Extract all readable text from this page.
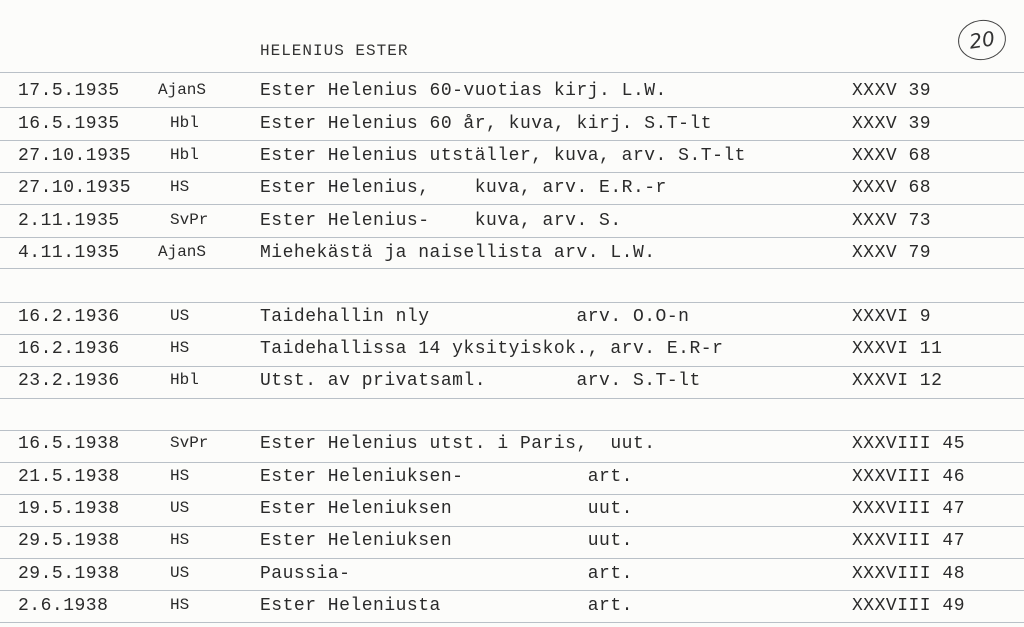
HELENIUS ESTER	20
17.5.1935 AjanS	Ester Helenius 60-vuotias kirj. L.W.	XXXV 39
16.5.1935	Hbl	Ester Helenius 60 år, kuva, kirj. S.T-lt	XXXV 39
27.10.1935 Hbl	Ester Helenius utställer, kuva, arv. S.T-lt	XXXV 68
27.10.1935 HS	Ester Helenius,    kuva, arv. E.R.-r	XXXV 68
2.11.1935	SvPr	Ester Helenius-    kuva, arv. S.	XXXV 73
4.11.1935 AjanS	Miehekästä ja naisellista arv. L.W.	XXXV 79
16.2.1936	US	Taidehallin nly             arv. O.O-n	XXXVI 9
16.2.1936	HS	Taidehallissa 14 yksityiskok., arv. E.R-r	XXXVI 11
23.2.1936	Hbl	Utst. av privatsaml.        arv. S.T-lt	XXXVI 12
16.5.1938	SvPr	Ester Helenius utst. i Paris,  uut.	XXXVIII 45
21.5.1938	HS	Ester Heleniuksen-           art.	XXXVIII 46
19.5.1938	US	Ester Heleniuksen            uut.	XXXVIII 47
29.5.1938	HS	Ester Heleniuksen            uut.	XXXVIII 47
29.5.1938	US	Paussia-                     art.	XXXVIII 48
2.6.1938	HS	Ester Heleniusta             art.	XXXVIII 49
